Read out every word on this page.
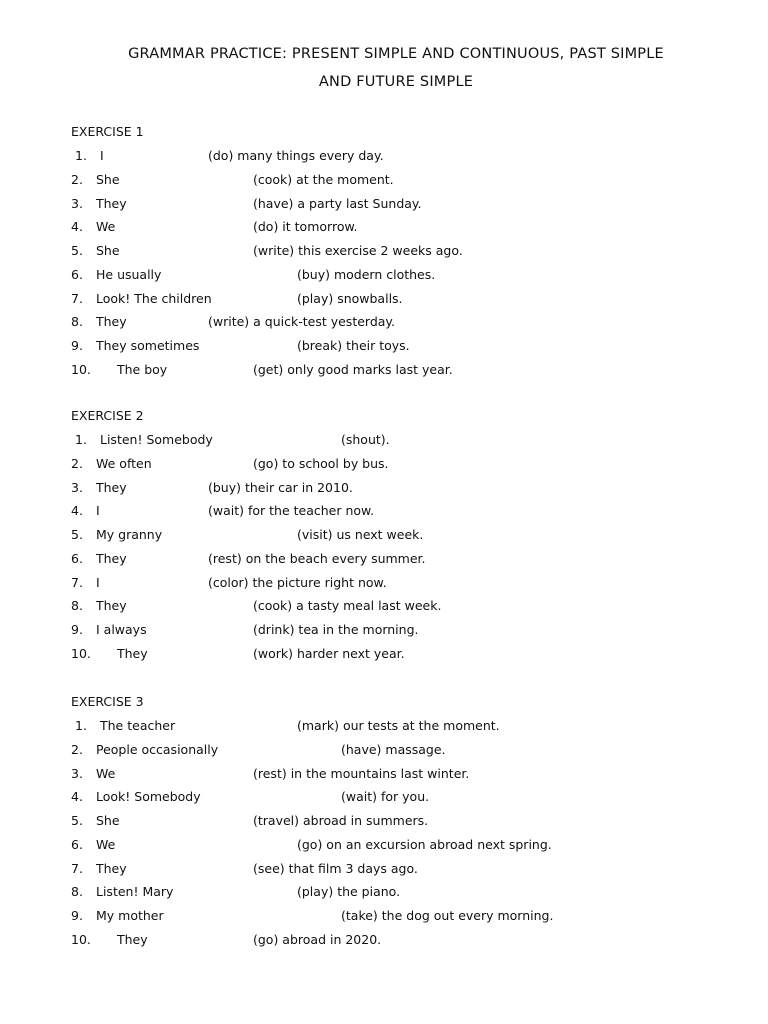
GRAMMAR PRACTICE: PRESENT SIMPLE AND CONTINUOUS, PAST SIMPLE
AND FUTURE SIMPLE
EXERCISE 1
1. I	(do) many things every day.
2. She	(cook) at the moment.
3. They	(have) a party last Sunday.
4. We	(do) it tomorrow.
5. She	(write) this exercise 2 weeks ago.
6. He usually	(buy) modern clothes.
7. Look! The children	(play) snowballs.
8. They	(write) a quick-test yesterday.
9. They sometimes	(break) their toys.
10. The boy	(get) only good marks last year.
EXERCISE 2
1. Listen! Somebody	(shout).
2. We often	(go) to school by bus.
3. They	(buy) their car in 2010.
4. I	(wait) for the teacher now.
5. My granny	(visit) us next week.
6. They	(rest) on the beach every summer.
7. I	(color) the picture right now.
8. They	(cook) a tasty meal last week.
9. I always	(drink) tea in the morning.
10. They	(work) harder next year.
EXERCISE 3
1. The teacher	(mark) our tests at the moment.
2. People occasionally	(have) massage.
3. We	(rest) in the mountains last winter.
4. Look! Somebody	(wait) for you.
5. She	(travel) abroad in summers.
6. We	(go) on an excursion abroad next spring.
7. They	(see) that film 3 days ago.
8. Listen! Mary	(play) the piano.
9. My mother	(take) the dog out every morning.
10. They	(go) abroad in 2020.
